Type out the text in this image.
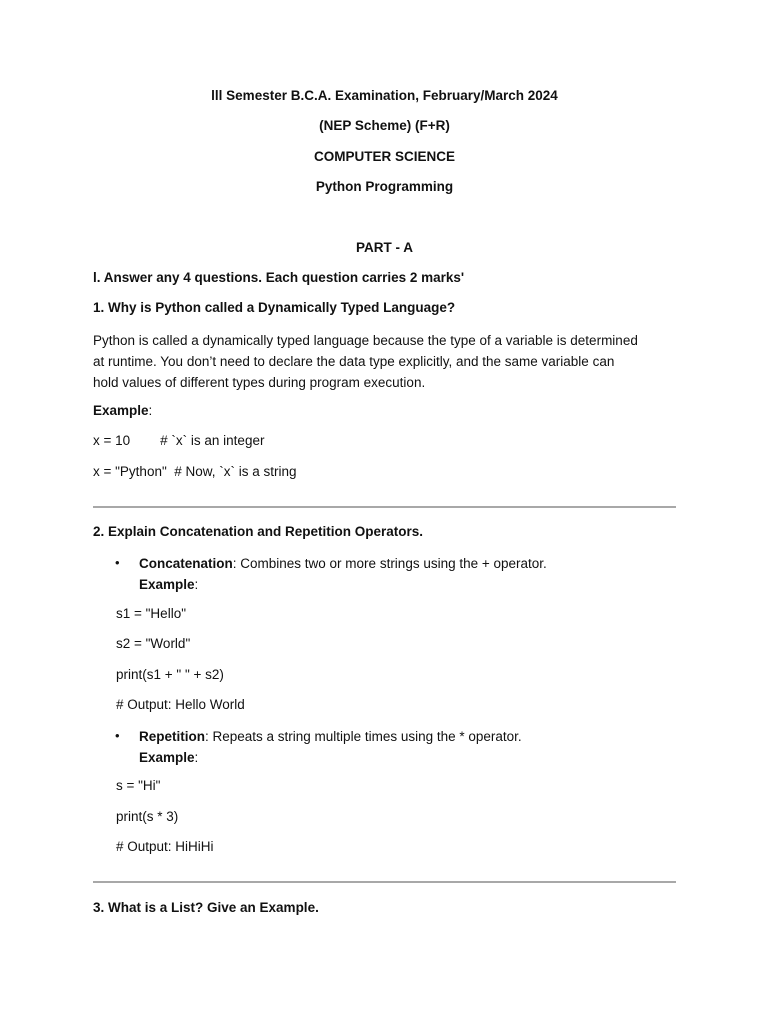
lll Semester B.C.A. Examination, February/March 2024
(NEP Scheme) (F+R)
COMPUTER SCIENCE
Python Programming
PART - A
l. Answer any 4 questions. Each question carries 2 marks'
1. Why is Python called a Dynamically Typed Language?
Python is called a dynamically typed language because the type of a variable is determined
at runtime. You don’t need to declare the data type explicitly, and the same variable can
hold values of different types during program execution.
Example:
x = 10        # `x` is an integer
x = "Python"  # Now, `x` is a string
2. Explain Concatenation and Repetition Operators.
• Concatenation: Combines two or more strings using the + operator.
Example:
s1 = "Hello"
s2 = "World"
print(s1 + " " + s2)
# Output: Hello World
• Repetition: Repeats a string multiple times using the * operator.
Example:
s = "Hi"
print(s * 3)
# Output: HiHiHi
3. What is a List? Give an Example.
